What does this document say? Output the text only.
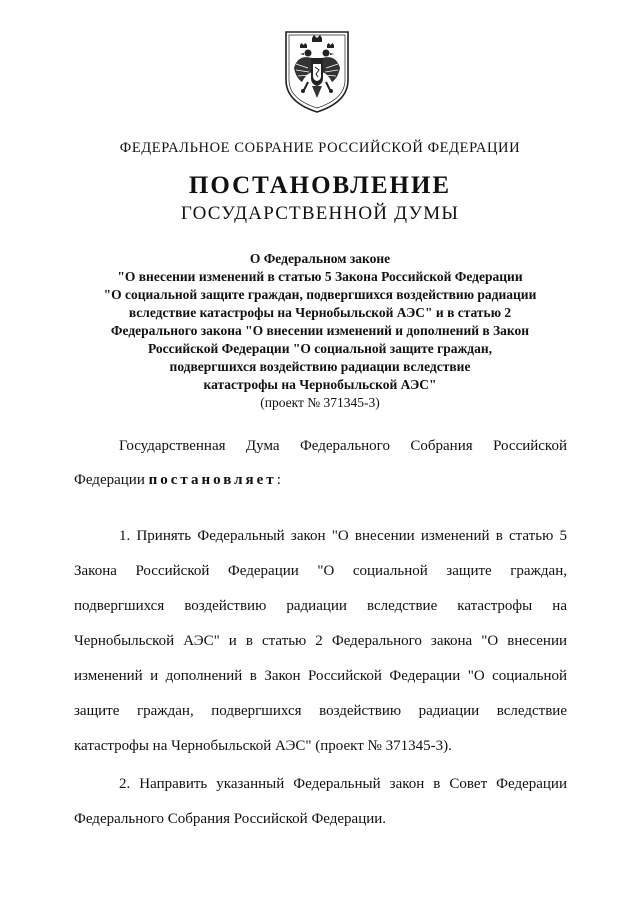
ФЕДЕРАЛЬНОЕ СОБРАНИЕ РОССИЙСКОЙ ФЕДЕРАЦИИ
ПОСТАНОВЛЕНИЕ
ГОСУДАРСТВЕННОЙ ДУМЫ
О Федеральном законе
"О внесении изменений в статью 5 Закона Российской Федерации
"О социальной защите граждан, подвергшихся воздействию радиации
вследствие катастрофы на Чернобыльской АЭС" и в статью 2
Федерального закона "О внесении изменений и дополнений в Закон
Российской Федерации "О социальной защите граждан,
подвергшихся воздействию радиации вследствие
катастрофы на Чернобыльской АЭС"
(проект № 371345-3)
Государственная Дума Федерального Собрания Российской
Федерации постановляет:
1. Принять Федеральный закон "О внесении изменений в статью 5
Закона Российской Федерации "О социальной защите граждан,
подвергшихся воздействию радиации вследствие катастрофы на
Чернобыльской АЭС" и в статью 2 Федерального закона "О внесении
изменений и дополнений в Закон Российской Федерации "О социальной
защите граждан, подвергшихся воздействию радиации вследствие
катастрофы на Чернобыльской АЭС" (проект № 371345-3).
2. Направить указанный Федеральный закон в Совет Федерации
Федерального Собрания Российской Федерации.
